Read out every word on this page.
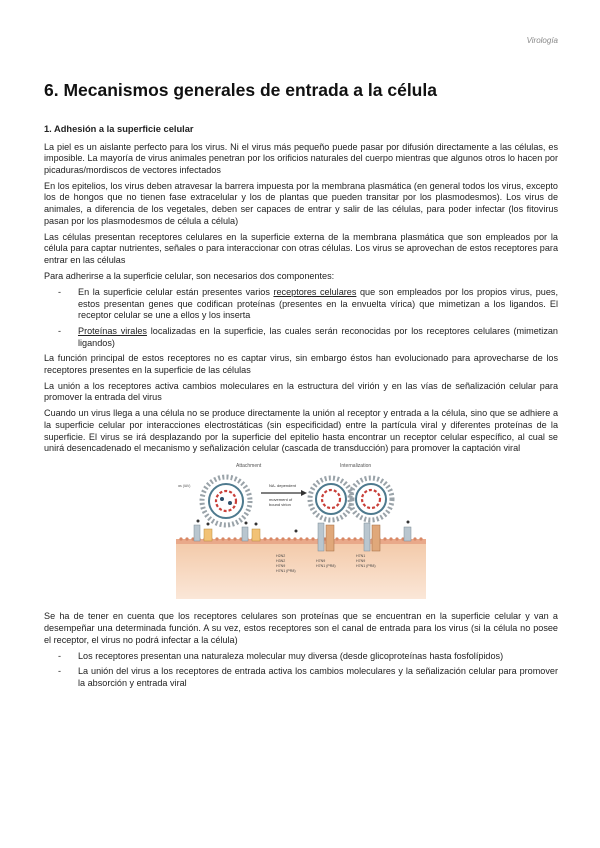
Virología
6. Mecanismos generales de entrada a la célula
1. Adhesión a la superficie celular
La piel es un aislante perfecto para los virus. Ni el virus más pequeño puede pasar por difusión directamente a las células, es imposible. La mayoría de virus animales penetran por los orificios naturales del cuerpo mientras que algunos otros lo hacen por picaduras/mordiscos de vectores infectados
En los epitelios, los virus deben atravesar la barrera impuesta por la membrana plasmática (en general todos los virus, excepto los de hongos que no tienen fase extracelular y los de plantas que pueden transitar por los plasmodesmos). Los virus de animales, a diferencia de los vegetales, deben ser capaces de entrar y salir de las células, para poder infectar (los fitovirus pasan por los plasmodesmos de célula a célula)
Las células presentan receptores celulares en la superficie externa de la membrana plasmática que son empleados por la célula para captar nutrientes, señales o para interaccionar con otras células. Los virus se aprovechan de estos receptores para entrar en las células
Para adherirse a la superficie celular, son necesarios dos componentes:
- En la superficie celular están presentes varios receptores celulares que son empleados por los propios virus, pues, estos presentan genes que codifican proteínas (presentes en la envuelta vírica) que mimetizan a los ligandos. El receptor celular se une a ellos y los inserta
- Proteínas virales localizadas en la superficie, las cuales serán reconocidas por los receptores celulares (mimetizan ligandos)
La función principal de estos receptores no es captar virus, sin embargo éstos han evolucionado para aprovecharse de los receptores presentes en la superficie de las células
La unión a los receptores activa cambios moleculares en la estructura del virión y en las vías de señalización celular para promover la entrada del virus
Cuando un virus llega a una célula no se produce directamente la unión al receptor y entrada a la célula, sino que se adhiere a la superficie celular por interacciones electrostáticas (sin especificidad) entre la partícula viral y diferentes proteínas de la superficie. El virus se irá desplazando por la superficie del epitelio hasta encontrar un receptor celular específico, al cual se unirá desencadenado el mecanismo y señalización celular (cascada de transducción) para promover la captación viral
Attachment	Internalization
αs (IAV)	NA- dependent
movement of
bound virion
H2N2
H3N2
H7N9
H7N1 (PR8)
H7N9
H7N1 (PR8)
H7N1
H7N9
H7N1 (PR8)
Se ha de tener en cuenta que los receptores celulares son proteínas que se encuentran en la superficie celular y van a desempeñar una determinada función. A su vez, estos receptores son el canal de entrada para los virus (si la célula no posee el receptor, el virus no podrá infectar a la célula)
- Los receptores presentan una naturaleza molecular muy diversa (desde glicoproteínas hasta fosfolípidos)
- La unión del virus a los receptores de entrada activa los cambios moleculares y la señalización celular para promover la absorción y entrada viral
